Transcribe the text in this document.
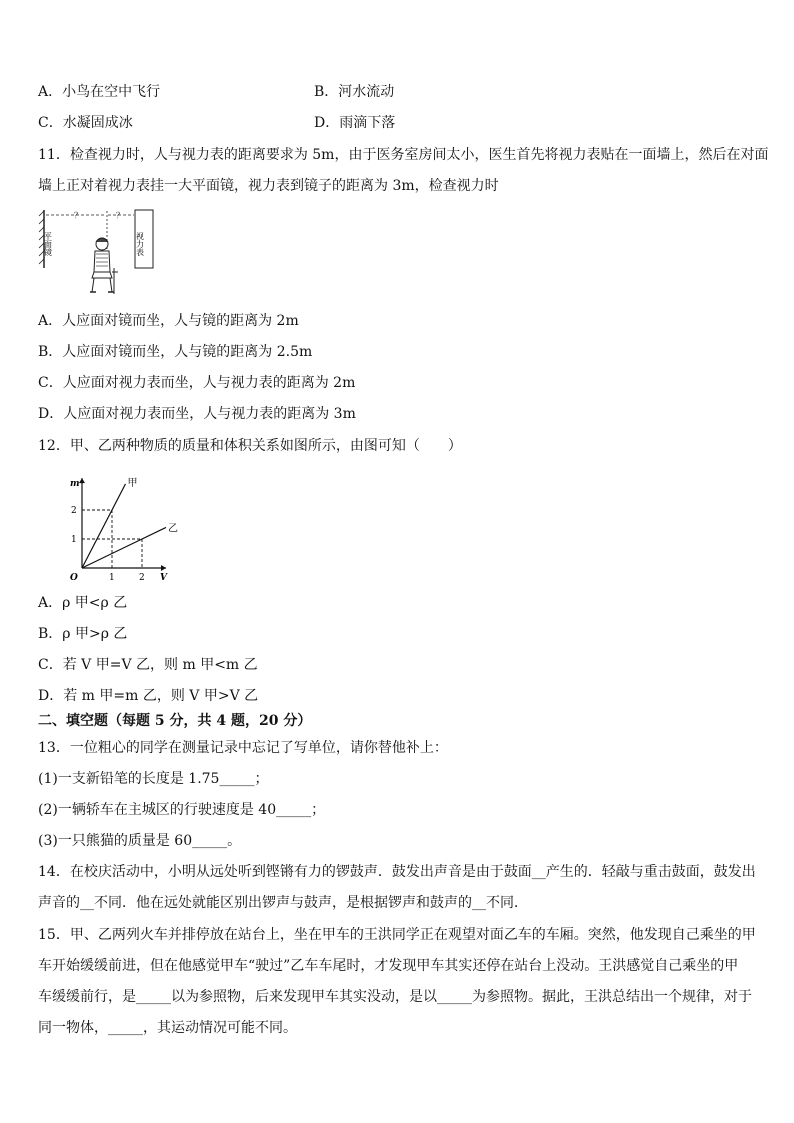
A．小鸟在空中飞行	B．河水流动
C．水凝固成冰	D．雨滴下落
11．检查视力时，人与视力表的距离要求为 5m，由于医务室房间太小，医生首先将视力表贴在一面墙上，然后在对面
墙上正对着视力表挂一大平面镜，视力表到镜子的距离为 3m，检查视力时
平面镜	视力表
？	？
A．人应面对镜而坐，人与镜的距离为 2m
B．人应面对镜而坐，人与镜的距离为 2.5m
C．人应面对视力表而坐，人与视力表的距离为 2m
D．人应面对视力表而坐，人与视力表的距离为 3m
12．甲、乙两种物质的质量和体积关系如图所示，由图可知（　　）
甲
乙
1	2
1
2
O	V
m
A．ρ 甲<ρ 乙
B．ρ 甲>ρ 乙
C．若 V 甲=V 乙，则 m 甲<m 乙
D．若 m 甲=m 乙，则 V 甲>V 乙
二、填空题（每题 5 分，共 4 题，20 分）
13．一位粗心的同学在测量记录中忘记了写单位，请你替他补上：
(1)一支新铅笔的长度是 1.75_____；
(2)一辆轿车在主城区的行驶速度是 40_____；
(3)一只熊猫的质量是 60_____。
14．在校庆活动中，小明从远处听到铿锵有力的锣鼓声．鼓发出声音是由于鼓面__产生的．轻敲与重击鼓面，鼓发出
声音的__不同．他在远处就能区别出锣声与鼓声，是根据锣声和鼓声的__不同．
15．甲、乙两列火车并排停放在站台上，坐在甲车的王洪同学正在观望对面乙车的车厢。突然，他发现自己乘坐的甲
车开始缓缓前进，但在他感觉甲车“驶过”乙车车尾时，才发现甲车其实还停在站台上没动。王洪感觉自己乘坐的甲
车缓缓前行，是_____以为参照物，后来发现甲车其实没动，是以_____为参照物。据此，王洪总结出一个规律，对于
同一物体，_____，其运动情况可能不同。
